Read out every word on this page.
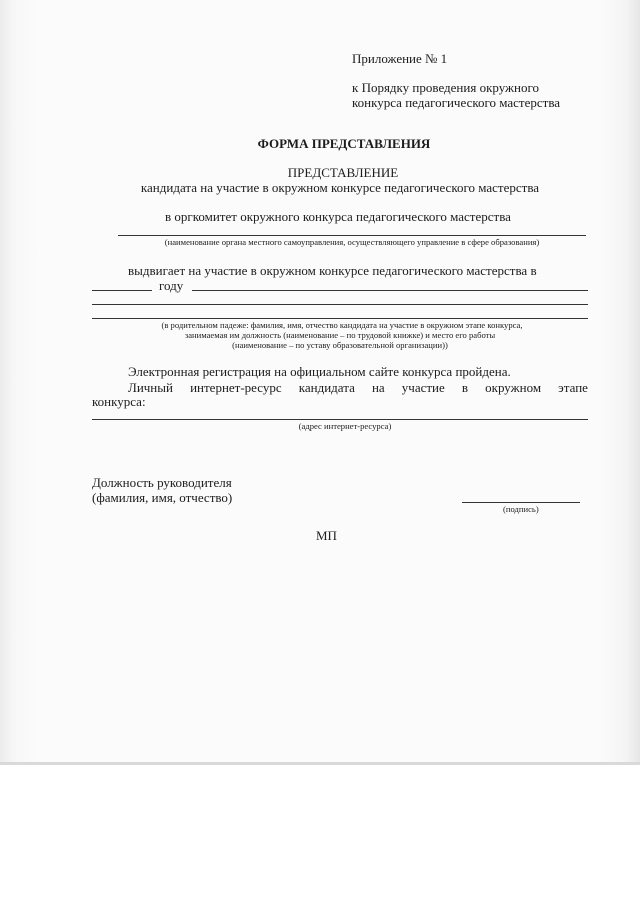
Приложение № 1
к Порядку проведения окружного
конкурса педагогического мастерства
ФОРМА ПРЕДСТАВЛЕНИЯ
ПРЕДСТАВЛЕНИЕ
кандидата на участие в окружном конкурсе педагогического мастерства
в оргкомитет окружного конкурса педагогического мастерства
(наименование органа местного самоуправления, осуществляющего управление в сфере образования)
выдвигает на участие в окружном конкурсе педагогического мастерства в
году
(в родительном падеже: фамилия, имя, отчество кандидата на участие в окружном этапе конкурса,
занимаемая им должность (наименование – по трудовой книжке) и место его работы
(наименование – по уставу образовательной организации))
Электронная регистрация на официальном сайте конкурса пройдена.
Личный интернет-ресурс кандидата на участие в окружном этапе
конкурса:
(адрес интернет-ресурса)
Должность руководителя
(фамилия, имя, отчество)
(подпись)
МП
